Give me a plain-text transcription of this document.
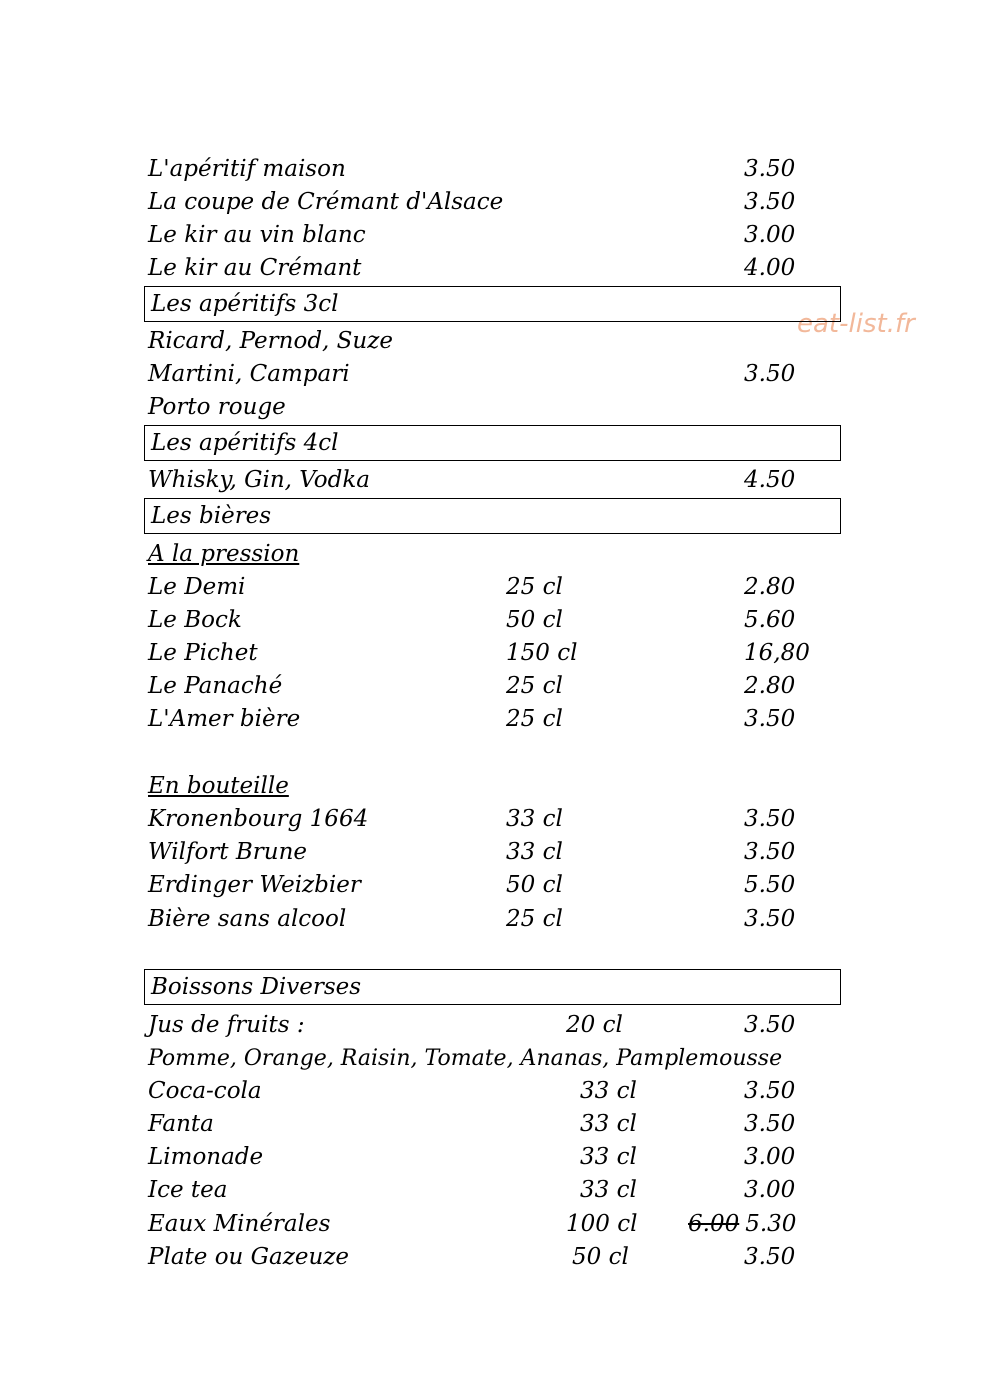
eat-list.fr
L'apéritif maison	3.50
La coupe de Crémant d'Alsace	3.50
Le kir au vin blanc	3.00
Le kir au Crémant	4.00
Les apéritifs 3cl
Ricard, Pernod, Suze
Martini, Campari	3.50
Porto rouge
Les apéritifs 4cl
Whisky, Gin, Vodka	4.50
Les bières
A la pression
Le Demi	25 cl	2.80
Le Bock	50 cl	5.60
Le Pichet	150 cl	16,80
Le Panaché	25 cl	2.80
L'Amer bière	25 cl	3.50
En bouteille
Kronenbourg 1664	33 cl	3.50
Wilfort Brune	33 cl	3.50
Erdinger Weizbier	50 cl	5.50
Bière sans alcool	25 cl	3.50
Boissons Diverses
Jus de fruits :	20 cl	3.50
Pomme, Orange, Raisin, Tomate, Ananas, Pamplemousse
Coca-cola	33 cl	3.50
Fanta	33 cl	3.50
Limonade	33 cl	3.00
Ice tea	33 cl	3.00
Eaux Minérales	100 cl 6.00 5.30
Plate ou Gazeuze	50 cl	3.50
